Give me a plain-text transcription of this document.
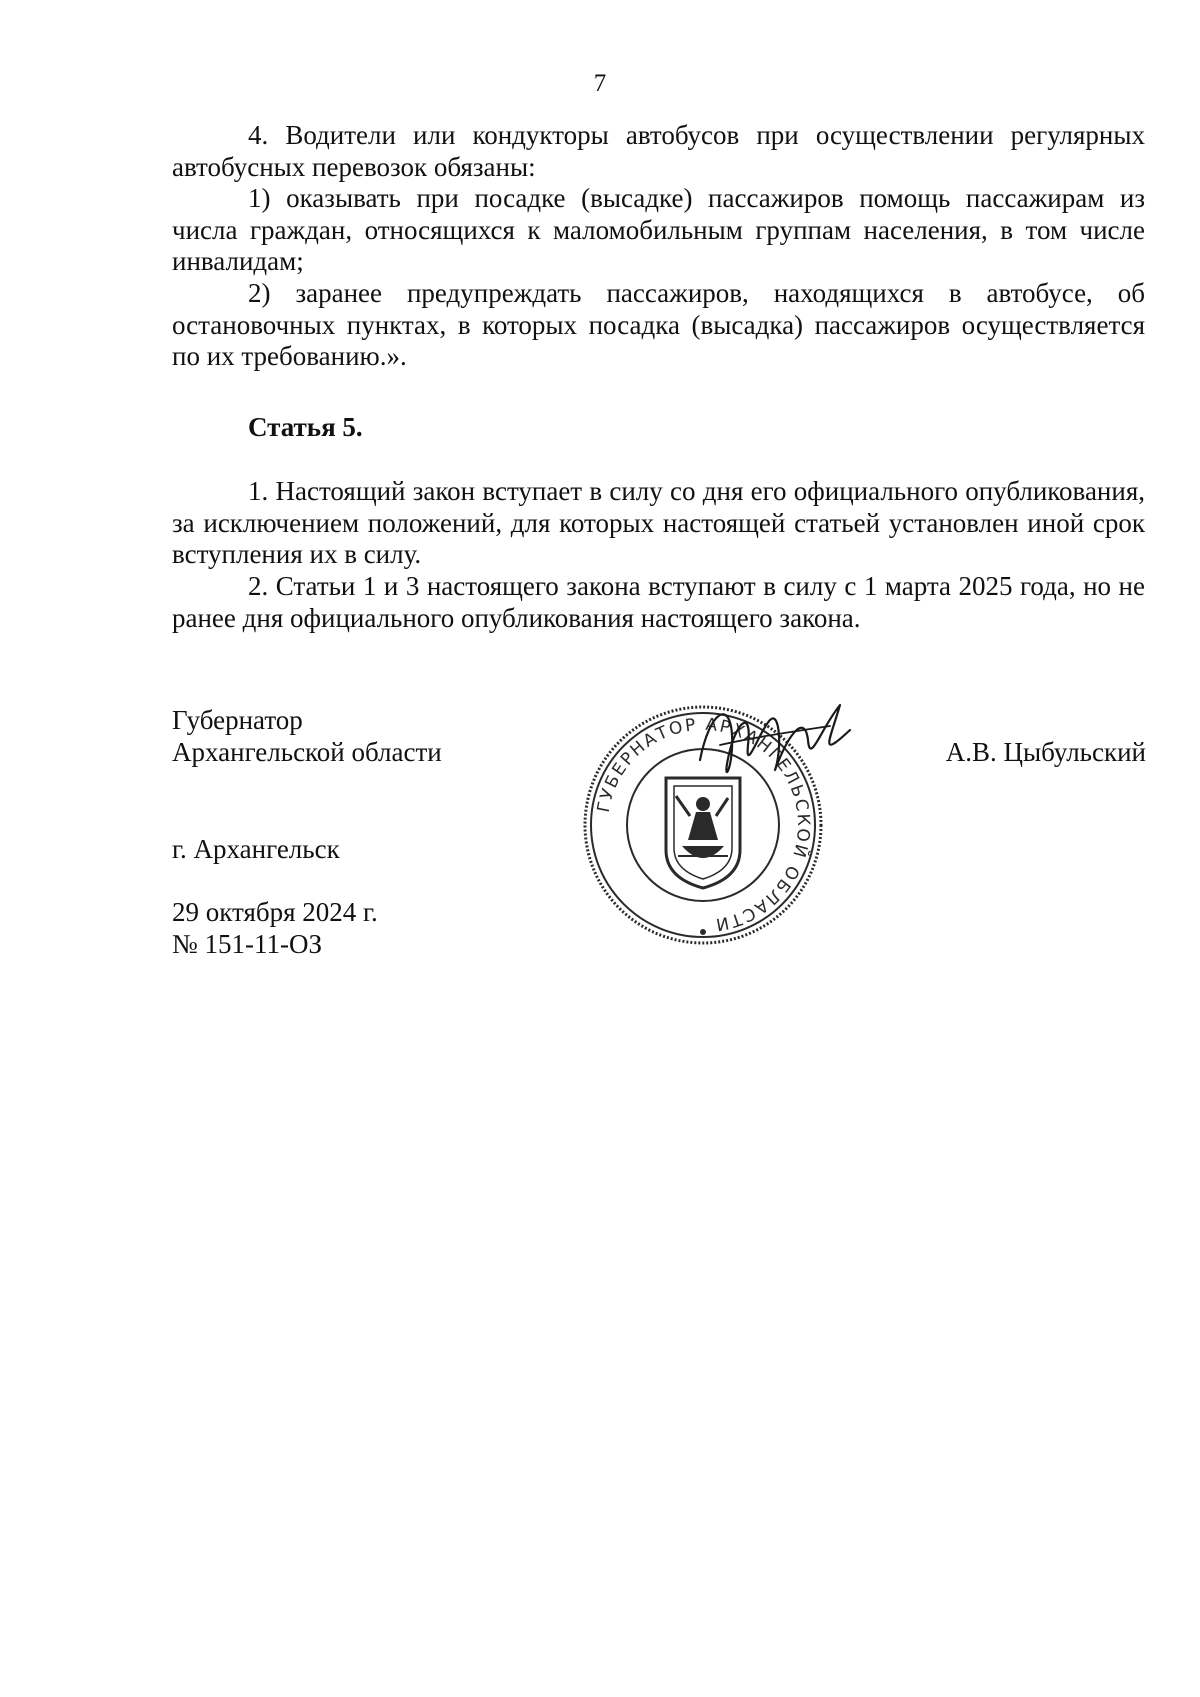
7

4. Водители или кондукторы автобусов при осуществлении регулярных автобусных перевозок обязаны:

1) оказывать при посадке (высадке) пассажиров помощь пассажирам из числа граждан, относящихся к маломобильным группам населения, в том числе инвалидам;

2) заранее предупреждать пассажиров, находящихся в автобусе, об остановочных пунктах, в которых посадка (высадка) пассажиров осуществляется по их требованию.».

Статья 5.

1. Настоящий закон вступает в силу со дня его официального опубликования, за исключением положений, для которых настоящей статьей установлен иной срок вступления их в силу.

2. Статьи 1 и 3 настоящего закона вступают в силу с 1 марта 2025 года, но не ранее дня официального опубликования настоящего закона.

Губернатор

Архангельской области	А.В. Цыбульский

г. Архангельск

29 октября 2024 г.

№ 151-11-ОЗ

ГУБЕРНАТОР АРХАНГЕЛЬСКОЙ ОБЛАСТИ
